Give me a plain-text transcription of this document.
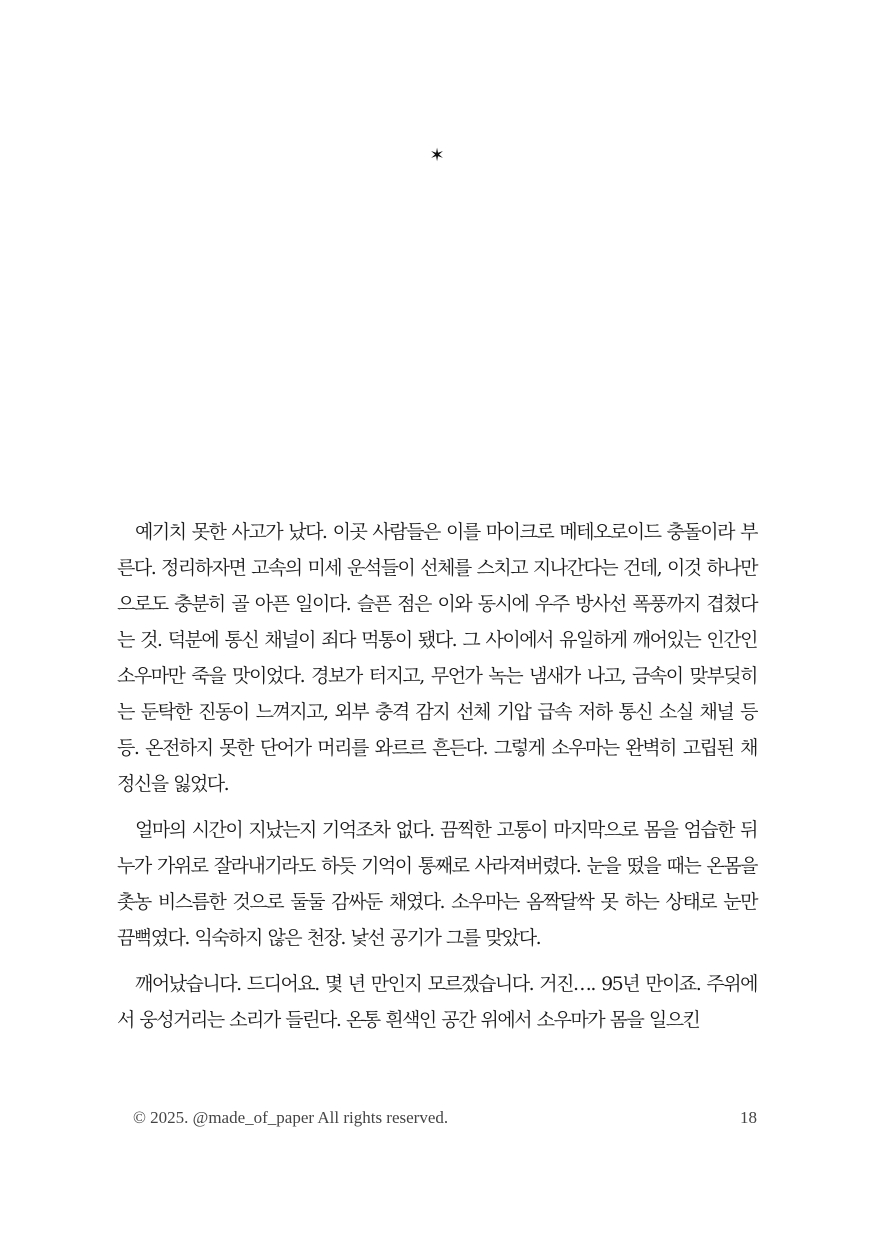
✶

예기치 못한 사고가 났다. 이곳 사람들은 이를 마이크로 메테오로이드 충돌이라 부른다. 정리하자면 고속의 미세 운석들이 선체를 스치고 지나간다는 건데, 이것 하나만으로도 충분히 골 아픈 일이다. 슬픈 점은 이와 동시에 우주 방사선 폭풍까지 겹쳤다는 것. 덕분에 통신 채널이 죄다 먹통이 됐다. 그 사이에서 유일하게 깨어있는 인간인 소우마만 죽을 맛이었다. 경보가 터지고, 무언가 녹는 냄새가 나고, 금속이 맞부딪히는 둔탁한 진동이 느껴지고, 외부 충격 감지 선체 기압 급속 저하 통신 소실 채널 등등. 온전하지 못한 단어가 머리를 와르르 흔든다. 그렇게 소우마는 완벽히 고립된 채 정신을 잃었다.

얼마의 시간이 지났는지 기억조차 없다. 끔찍한 고통이 마지막으로 몸을 엄습한 뒤 누가 가위로 잘라내기라도 하듯 기억이 통째로 사라져버렸다. 눈을 떴을 때는 온몸을 촛농 비스름한 것으로 둘둘 감싸둔 채였다. 소우마는 옴짝달싹 못 하는 상태로 눈만 끔뻑였다. 익숙하지 않은 천장. 낯선 공기가 그를 맞았다.

깨어났습니다. 드디어요. 몇 년 만인지 모르겠습니다. 거진…. 95년 만이죠. 주위에서 웅성거리는 소리가 들린다. 온통 흰색인 공간 위에서 소우마가 몸을 일으킨

© 2025. @made_of_paper All rights reserved.	18
